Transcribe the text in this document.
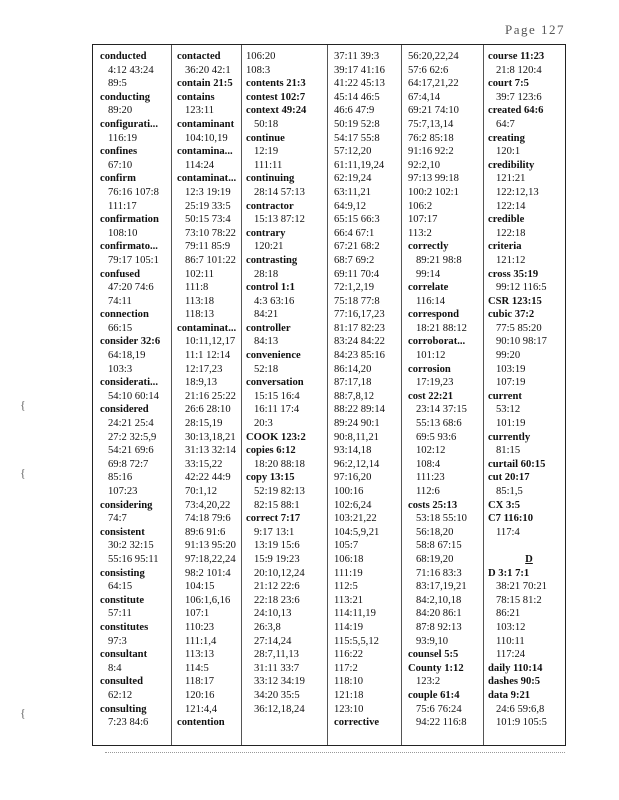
Page 127
{
{
{
conducted
4:12 43:24
89:5
conducting
89:20
configurati...
116:19
confines
67:10
confirm
76:16 107:8
111:17
confirmation
108:10
confirmato...
79:17 105:1
confused
47:20 74:6
74:11
connection
66:15
consider 32:6
64:18,19
103:3
considerati...
54:10 60:14
considered
24:21 25:4
27:2 32:5,9
54:21 69:6
69:8 72:7
85:16
107:23
considering
74:7
consistent
30:2 32:15
55:16 95:11
consisting
64:15
constitute
57:11
constitutes
97:3
consultant
8:4
consulted
62:12
consulting
7:23 84:6
contacted
36:20 42:1
contain 21:5
contains
123:11
contaminant
104:10,19
contamina...
114:24
contaminat...
12:3 19:19
25:19 33:5
50:15 73:4
73:10 78:22
79:11 85:9
86:7 101:22
102:11
111:8
113:18
118:13
contaminat...
10:11,12,17
11:1 12:14
12:17,23
18:9,13
21:16 25:22
26:6 28:10
28:15,19
30:13,18,21
31:13 32:14
33:15,22
42:22 44:9
70:1,12
73:4,20,22
74:18 79:6
89:6 91:6
91:13 95:20
97:18,22,24
98:2 101:4
104:15
106:1,6,16
107:1
110:23
111:1,4
113:13
114:5
118:17
120:16
121:4,4
contention
106:20
108:3
contents 21:3
contest 102:7
context 49:24
50:18
continue
12:19
111:11
continuing
28:14 57:13
contractor
15:13 87:12
contrary
120:21
contrasting
28:18
control 1:1
4:3 63:16
84:21
controller
84:13
convenience
52:18
conversation
15:15 16:4
16:11 17:4
20:3
COOK 123:2
copies 6:12
18:20 88:18
copy 13:15
52:19 82:13
82:15 88:1
correct 7:17
9:17 13:1
13:19 15:6
15:9 19:23
20:10,12,24
21:12 22:6
22:18 23:6
24:10,13
26:3,8
27:14,24
28:7,11,13
31:11 33:7
33:12 34:19
34:20 35:5
36:12,18,24
37:11 39:3
39:17 41:16
41:22 45:13
45:14 46:5
46:6 47:9
50:19 52:8
54:17 55:8
57:12,20
61:11,19,24
62:19,24
63:11,21
64:9,12
65:15 66:3
66:4 67:1
67:21 68:2
68:7 69:2
69:11 70:4
72:1,2,19
75:18 77:8
77:16,17,23
81:17 82:23
83:24 84:22
84:23 85:16
86:14,20
87:17,18
88:7,8,12
88:22 89:14
89:24 90:1
90:8,11,21
93:14,18
96:2,12,14
97:16,20
100:16
102:6,24
103:21,22
104:5,9,21
105:7
106:18
111:19
112:5
113:21
114:11,19
114:19
115:5,5,12
116:22
117:2
118:10
121:18
123:10
corrective
56:20,22,24
57:6 62:6
64:17,21,22
67:4,14
69:21 74:10
75:7,13,14
76:2 85:18
91:16 92:2
92:2,10
97:13 99:18
100:2 102:1
106:2
107:17
113:2
correctly
89:21 98:8
99:14
correlate
116:14
correspond
18:21 88:12
corroborat...
101:12
corrosion
17:19,23
cost 22:21
23:14 37:15
55:13 68:6
69:5 93:6
102:12
108:4
111:23
112:6
costs 25:13
53:18 55:10
56:18,20
58:8 67:15
68:19,20
71:16 83:3
83:17,19,21
84:2,10,18
84:20 86:1
87:8 92:13
93:9,10
counsel 5:5
County 1:12
123:2
couple 61:4
75:6 76:24
94:22 116:8
course 11:23
21:8 120:4
court 7:5
39:7 123:6
created 64:6
64:7
creating
120:1
credibility
121:21
122:12,13
122:14
credible
122:18
criteria
121:12
cross 35:19
99:12 116:5
CSR 123:15
cubic 37:2
77:5 85:20
90:10 98:17
99:20
103:19
107:19
current
53:12
101:19
currently
81:15
curtail 60:15
cut 20:17
85:1,5
CX 3:5
C7 116:10
117:4
D
D 3:1 7:1
38:21 70:21
78:15 81:2
86:21
103:12
110:11
117:24
daily 110:14
dashes 90:5
data 9:21
24:6 59:6,8
101:9 105:5
